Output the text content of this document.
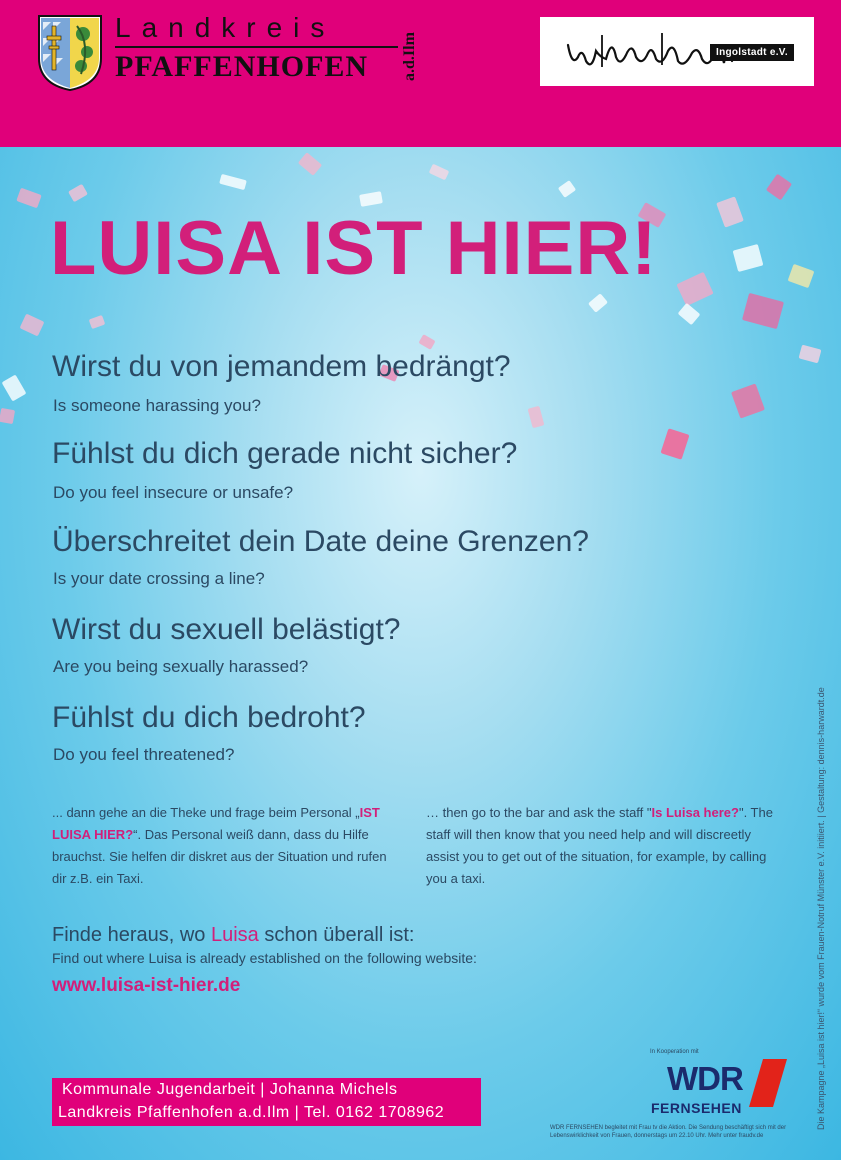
Landkreis
PFAFFENHOFEN a.d.Ilm	Ingolstadt e.V.
LUISA IST HIER!
Wirst du von jemandem bedrängt?
Is someone harassing you?
Fühlst du dich gerade nicht sicher?
Do you feel insecure or unsafe?
Überschreitet dein Date deine Grenzen?
Is your date crossing a line?
Wirst du sexuell belästigt?
Are you being sexually harassed?
Fühlst du dich bedroht?
Do you feel threatened?
... dann gehe an die Theke und frage beim Personal „IST LUISA HIER?“. Das Personal weiß dann, dass du Hilfe brauchst. Sie helfen dir diskret aus der Situation und rufen dir z.B. ein Taxi.
… then go to the bar and ask the staff "Is Luisa here?". The staff will then know that you need help and will discreetly assist you to get out of the situation, for example, by calling you a taxi.
Finde heraus, wo Luisa schon überall ist:
Find out where Luisa is already established on the following website:
www.luisa-ist-hier.de
Kommunale Jugendarbeit | Johanna Michels
Landkreis Pfaffenhofen a.d.Ilm | Tel. 0162 1708962
In Kooperation mit
WDR
FERNSEHEN
WDR FERNSEHEN begleitet mit Frau tv die Aktion. Die Sendung beschäftigt sich mit der Lebenswirklichkeit von Frauen, donnerstags um 22.10 Uhr. Mehr unter fraudv.de
Die Kampagne „Luisa ist hier!“ wurde vom Frauen-Notruf Münster e.V. initiiert. | Gestaltung: dennis-harwardt.de
